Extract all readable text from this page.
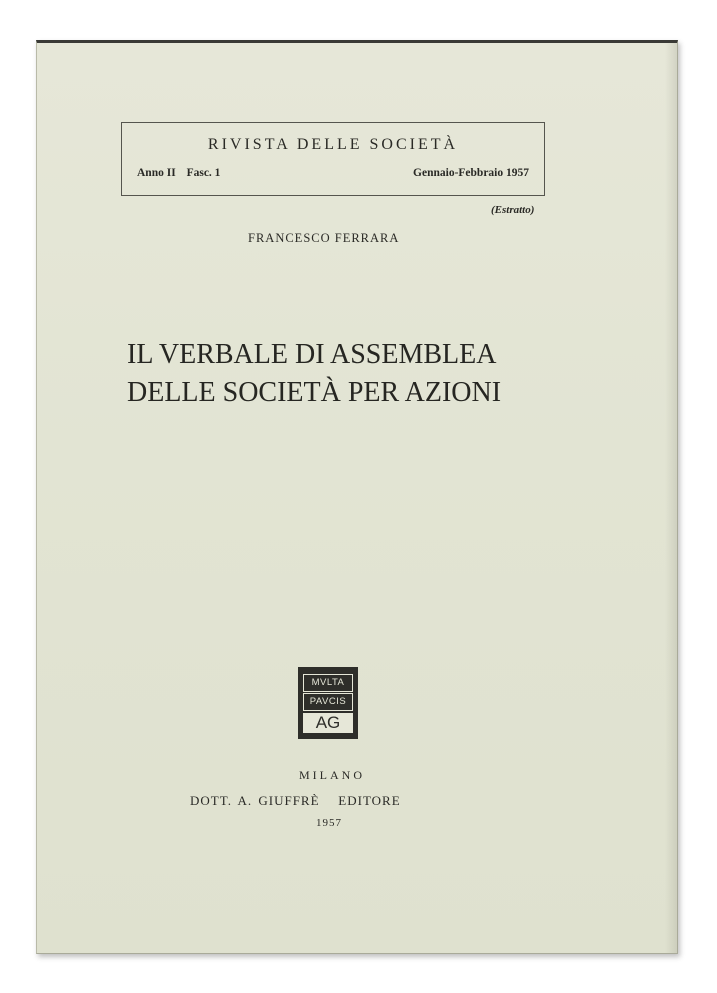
RIVISTA DELLE SOCIETÀ
Anno II Fasc. 1	Gennaio-Febbraio 1957
(Estratto)
FRANCESCO FERRARA
IL VERBALE DI ASSEMBLEA
DELLE SOCIETÀ PER AZIONI
MVLTA
PAVCIS
AG
MILANO
DOTT. A. GIUFFRÈ   EDITORE
1957
